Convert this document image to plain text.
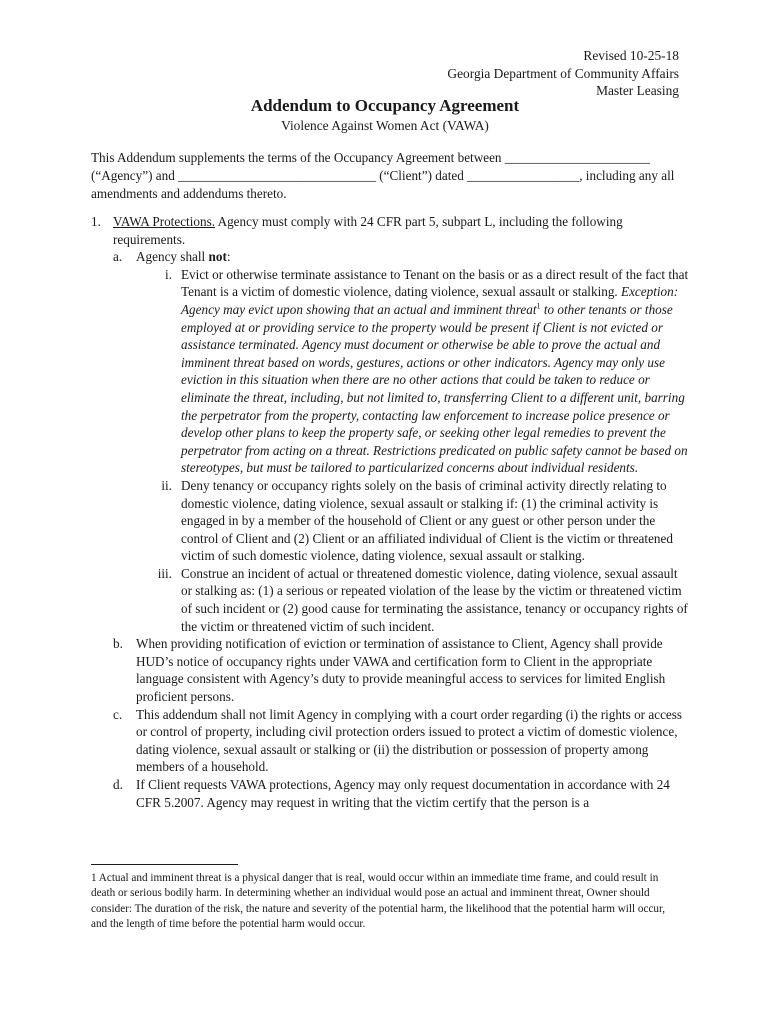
Revised 10-25-18
Georgia Department of Community Affairs
Master Leasing
Addendum to Occupancy Agreement
Violence Against Women Act (VAWA)
This Addendum supplements the terms of the Occupancy Agreement between ______________________ (“Agency”) and ______________________________ (“Client”) dated _________________, including any all amendments and addendums thereto.
1. VAWA Protections. Agency must comply with 24 CFR part 5, subpart L, including the following requirements.
a. Agency shall not:
i. Evict or otherwise terminate assistance to Tenant on the basis or as a direct result of the fact that Tenant is a victim of domestic violence, dating violence, sexual assault or stalking. Exception: Agency may evict upon showing that an actual and imminent threat$^1$ to other tenants or those employed at or providing service to the property would be present if Client is not evicted or assistance terminated. Agency must document or otherwise be able to prove the actual and imminent threat based on words, gestures, actions or other indicators. Agency may only use eviction in this situation when there are no other actions that could be taken to reduce or eliminate the threat, including, but not limited to, transferring Client to a different unit, barring the perpetrator from the property, contacting law enforcement to increase police presence or develop other plans to keep the property safe, or seeking other legal remedies to prevent the perpetrator from acting on a threat. Restrictions predicated on public safety cannot be based on stereotypes, but must be tailored to particularized concerns about individual residents.
ii. Deny tenancy or occupancy rights solely on the basis of criminal activity directly relating to domestic violence, dating violence, sexual assault or stalking if: (1) the criminal activity is engaged in by a member of the household of Client or any guest or other person under the control of Client and (2) Client or an affiliated individual of Client is the victim or threatened victim of such domestic violence, dating violence, sexual assault or stalking.
iii. Construe an incident of actual or threatened domestic violence, dating violence, sexual assault or stalking as: (1) a serious or repeated violation of the lease by the victim or threatened victim of such incident or (2) good cause for terminating the assistance, tenancy or occupancy rights of the victim or threatened victim of such incident.
b. When providing notification of eviction or termination of assistance to Client, Agency shall provide HUD’s notice of occupancy rights under VAWA and certification form to Client in the appropriate language consistent with Agency’s duty to provide meaningful access to services for limited English proficient persons.
c. This addendum shall not limit Agency in complying with a court order regarding (i) the rights or access or control of property, including civil protection orders issued to protect a victim of domestic violence, dating violence, sexual assault or stalking or (ii) the distribution or possession of property among members of a household.
d. If Client requests VAWA protections, Agency may only request documentation in accordance with 24 CFR 5.2007. Agency may request in writing that the victim certify that the person is a
1 Actual and imminent threat is a physical danger that is real, would occur within an immediate time frame, and could result in death or serious bodily harm. In determining whether an individual would pose an actual and imminent threat, Owner should consider: The duration of the risk, the nature and severity of the potential harm, the likelihood that the potential harm will occur, and the length of time before the potential harm would occur.
